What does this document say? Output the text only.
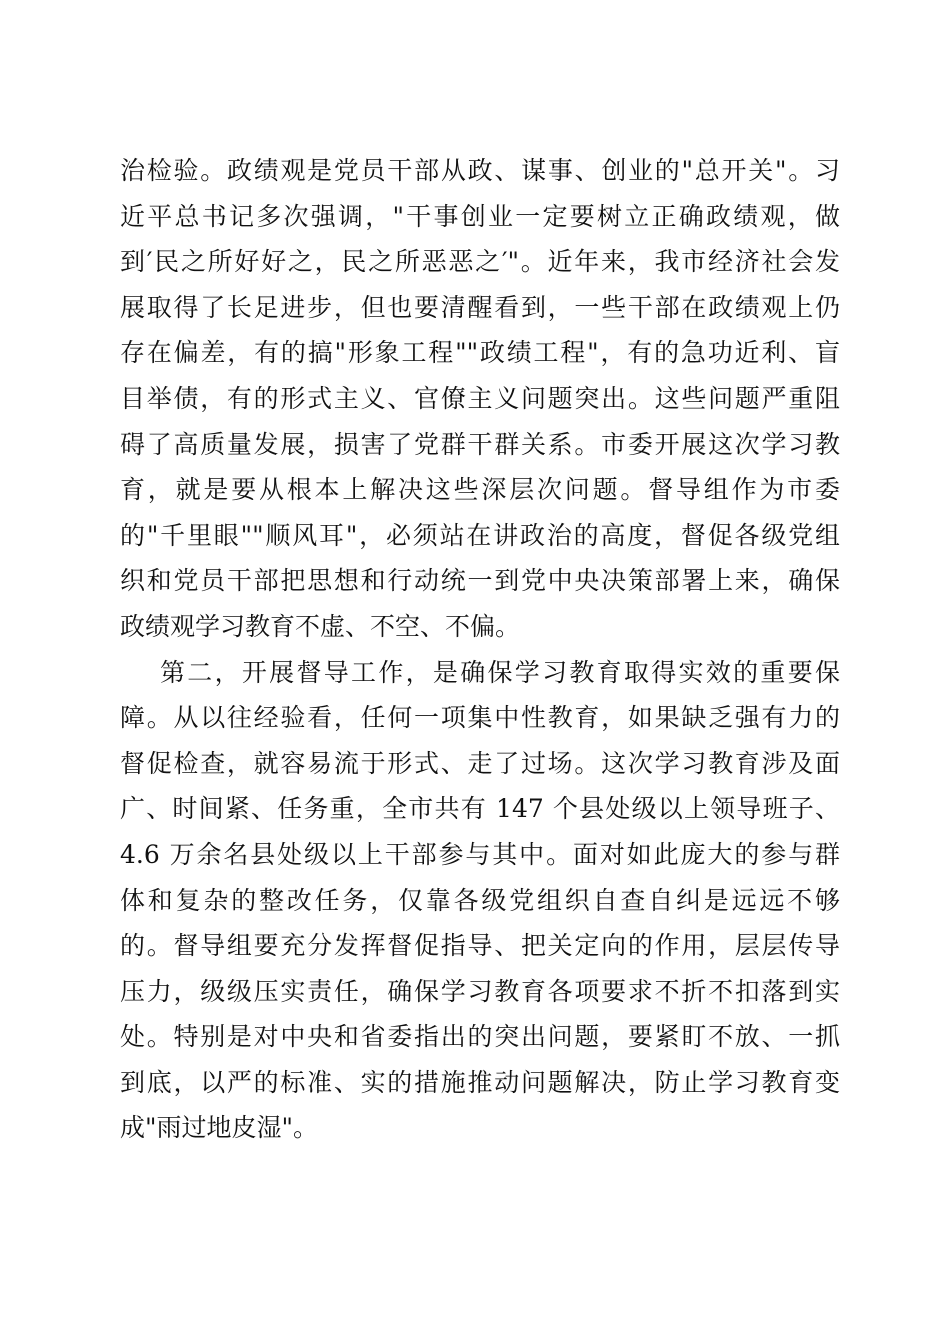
治检验。政绩观是党员干部从政、谋事、创业的"总开关"。习
近平总书记多次强调，"干事创业一定要树立正确政绩观，做
到′民之所好好之，民之所恶恶之′"。近年来，我市经济社会发
展取得了长足进步，但也要清醒看到，一些干部在政绩观上仍
存在偏差，有的搞"形象工程""政绩工程"，有的急功近利、盲
目举债，有的形式主义、官僚主义问题突出。这些问题严重阻
碍了高质量发展，损害了党群干群关系。市委开展这次学习教
育，就是要从根本上解决这些深层次问题。督导组作为市委
的"千里眼""顺风耳"，必须站在讲政治的高度，督促各级党组
织和党员干部把思想和行动统一到党中央决策部署上来，确保
政绩观学习教育不虚、不空、不偏。
第二，开展督导工作，是确保学习教育取得实效的重要保
障。从以往经验看，任何一项集中性教育，如果缺乏强有力的
督促检查，就容易流于形式、走了过场。这次学习教育涉及面
广、时间紧、任务重，全市共有 147 个县处级以上领导班子、
4.6 万余名县处级以上干部参与其中。面对如此庞大的参与群
体和复杂的整改任务，仅靠各级党组织自查自纠是远远不够
的。督导组要充分发挥督促指导、把关定向的作用，层层传导
压力，级级压实责任，确保学习教育各项要求不折不扣落到实
处。特别是对中央和省委指出的突出问题，要紧盯不放、一抓
到底，以严的标准、实的措施推动问题解决，防止学习教育变
成"雨过地皮湿"。
